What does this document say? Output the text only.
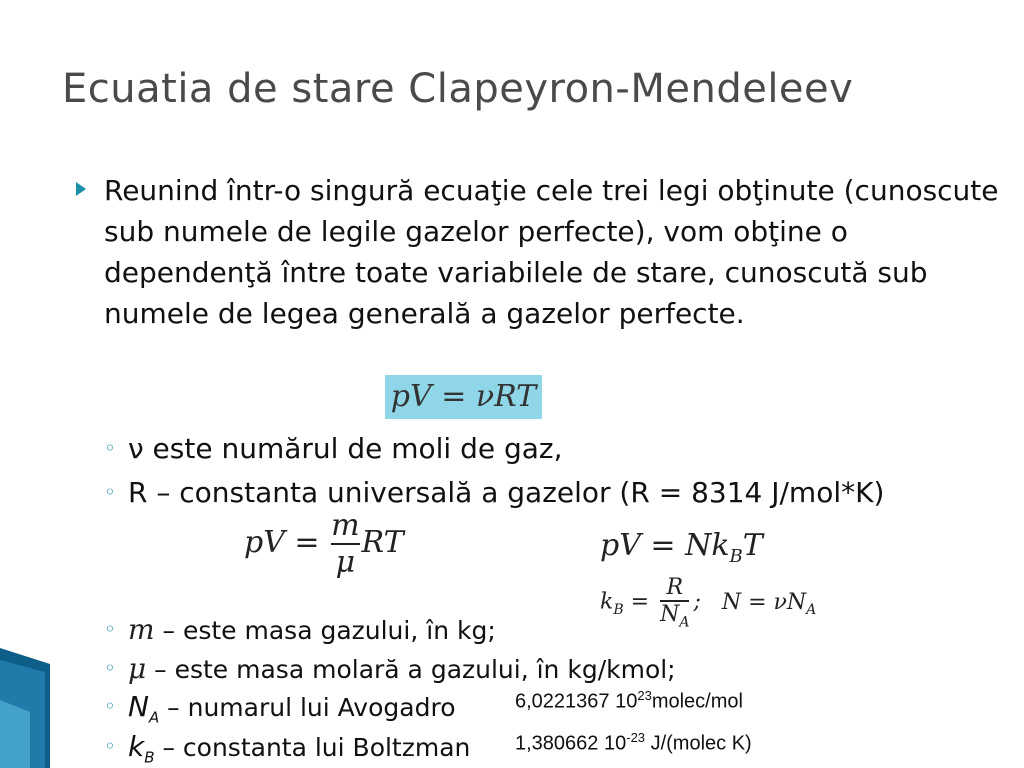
Ecuatia de stare Clapeyron-Mendeleev
Reunind într-o singură ecuaţie cele trei legi obţinute (cunoscute sub numele de legile gazelor perfecte), vom obţine o dependenţă între toate variabilele de stare, cunoscută sub numele de legea generală a gazelor perfecte.
pV = νRT
◦ ν este numărul de moli de gaz,
◦ R – constanta universală a gazelor (R = 8314 J/mol*K)
pV = $\frac{m}{\mu}$ RT	pV = $Nk_BT$
$k_B = \frac{R}{N_A}$ ; $N = \nu N_A$
◦ m – este masa gazului, în kg;
◦ μ – este masa molară a gazului, în kg/kmol;
◦ $N_A$ – numarul lui Avogadro
◦ $k_B$ – constanta lui Boltzman
6,0221367 $10^{23}molec$/mol
1,380662 $10^{-23}$ J/(molec K)
